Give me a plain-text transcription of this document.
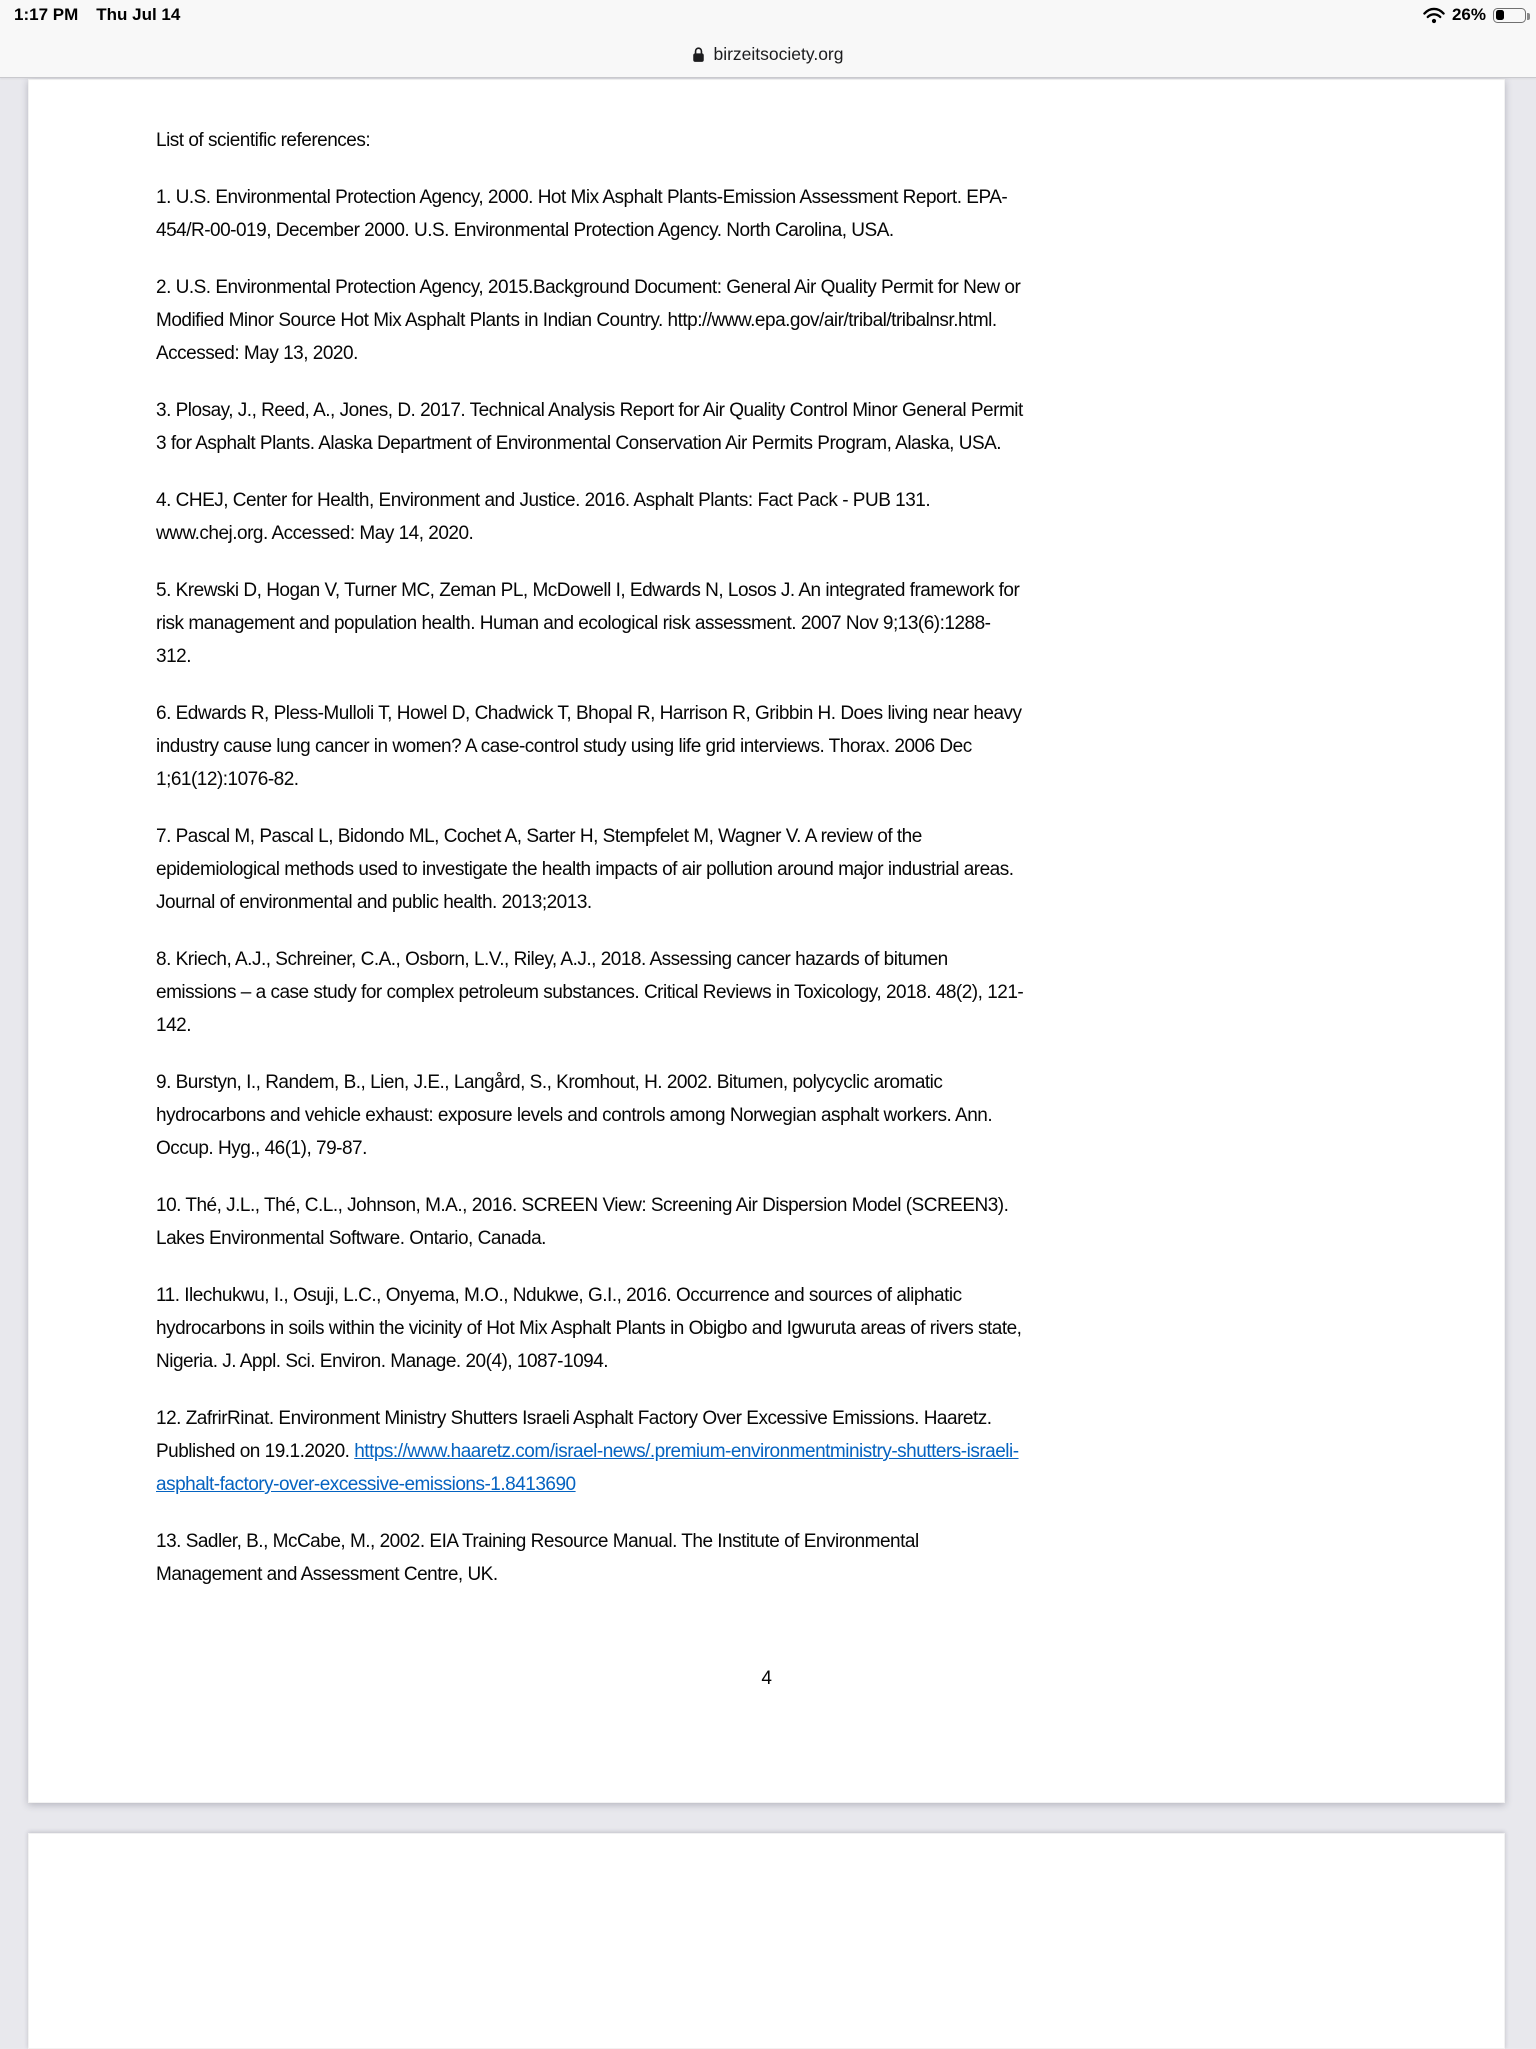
1:17 PM Thu Jul 14	26%
birzeitsociety.org

List of scientific references:

1. U.S. Environmental Protection Agency, 2000. Hot Mix Asphalt Plants-Emission Assessment Report. EPA-454/R-00-019, December 2000. U.S. Environmental Protection Agency. North Carolina, USA.

2. U.S. Environmental Protection Agency, 2015.Background Document: General Air Quality Permit for New or Modified Minor Source Hot Mix Asphalt Plants in Indian Country. http://www.epa.gov/air/tribal/tribalnsr.html. Accessed: May 13, 2020.

3. Plosay, J., Reed, A., Jones, D. 2017. Technical Analysis Report for Air Quality Control Minor General Permit 3 for Asphalt Plants. Alaska Department of Environmental Conservation Air Permits Program, Alaska, USA.

4. CHEJ, Center for Health, Environment and Justice. 2016. Asphalt Plants: Fact Pack - PUB 131. www.chej.org. Accessed: May 14, 2020.

5. Krewski D, Hogan V, Turner MC, Zeman PL, McDowell I, Edwards N, Losos J. An integrated framework for risk management and population health. Human and ecological risk assessment. 2007 Nov 9;13(6):1288-312.

6. Edwards R, Pless-Mulloli T, Howel D, Chadwick T, Bhopal R, Harrison R, Gribbin H. Does living near heavy industry cause lung cancer in women? A case-control study using life grid interviews. Thorax. 2006 Dec 1;61(12):1076-82.

7. Pascal M, Pascal L, Bidondo ML, Cochet A, Sarter H, Stempfelet M, Wagner V. A review of the epidemiological methods used to investigate the health impacts of air pollution around major industrial areas. Journal of environmental and public health. 2013;2013.

8. Kriech, A.J., Schreiner, C.A., Osborn, L.V., Riley, A.J., 2018. Assessing cancer hazards of bitumen emissions – a case study for complex petroleum substances. Critical Reviews in Toxicology, 2018. 48(2), 121-142.

9. Burstyn, I., Randem, B., Lien, J.E., Langård, S., Kromhout, H. 2002. Bitumen, polycyclic aromatic hydrocarbons and vehicle exhaust: exposure levels and controls among Norwegian asphalt workers. Ann. Occup. Hyg., 46(1), 79-87.

10. Thé, J.L., Thé, C.L., Johnson, M.A., 2016. SCREEN View: Screening Air Dispersion Model (SCREEN3). Lakes Environmental Software. Ontario, Canada.

11. Ilechukwu, I., Osuji, L.C., Onyema, M.O., Ndukwe, G.I., 2016. Occurrence and sources of aliphatic hydrocarbons in soils within the vicinity of Hot Mix Asphalt Plants in Obigbo and Igwuruta areas of rivers state, Nigeria. J. Appl. Sci. Environ. Manage. 20(4), 1087-1094.

12. ZafrirRinat. Environment Ministry Shutters Israeli Asphalt Factory Over Excessive Emissions. Haaretz. Published on 19.1.2020. https://www.haaretz.com/israel-news/.premium-environmentministry-shutters-israeli-asphalt-factory-over-excessive-emissions-1.8413690

13. Sadler, B., McCabe, M., 2002. EIA Training Resource Manual. The Institute of Environmental Management and Assessment Centre, UK.

4
